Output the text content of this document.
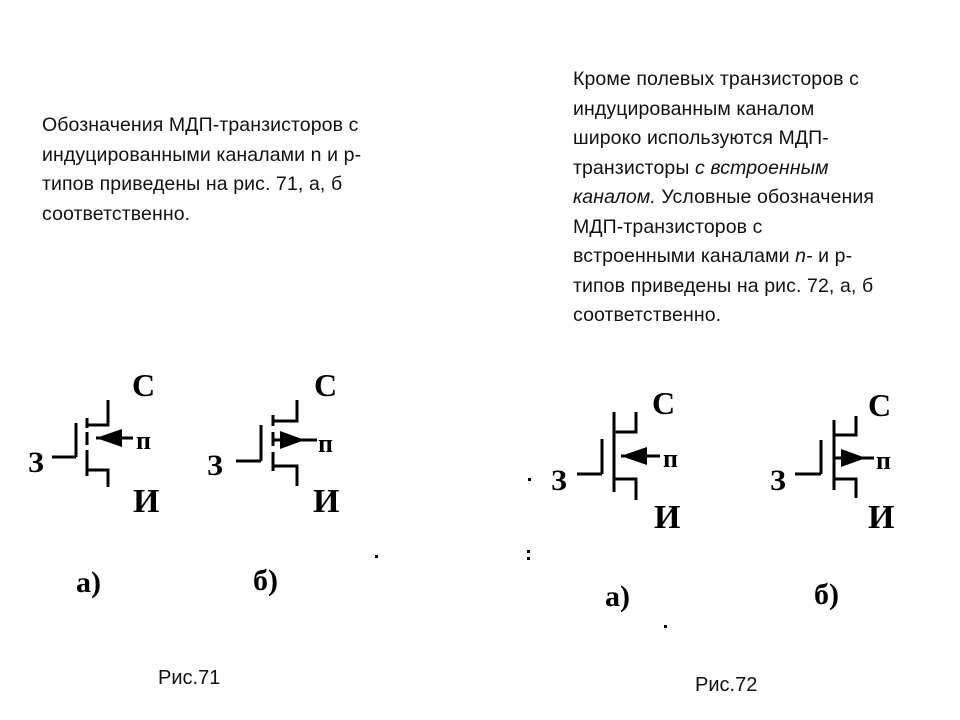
Обозначения МДП-транзисторов с
индуцированными каналами n и р-
типов приведены на рис. 71, а, б
соответственно.
Кроме полевых транзисторов с
индуцированным каналом
широко используются МДП-
транзисторы с встроенным
каналом. Условные обозначения
МДП-транзисторов с
встроенными каналами n- и р-
типов приведены на рис. 72, а, б
соответственно.
С
З
п
И
а)
С
З
п
И
б)
С
З
п
И
а)
С
З
п
И
б)
Рис.71	Рис.72
